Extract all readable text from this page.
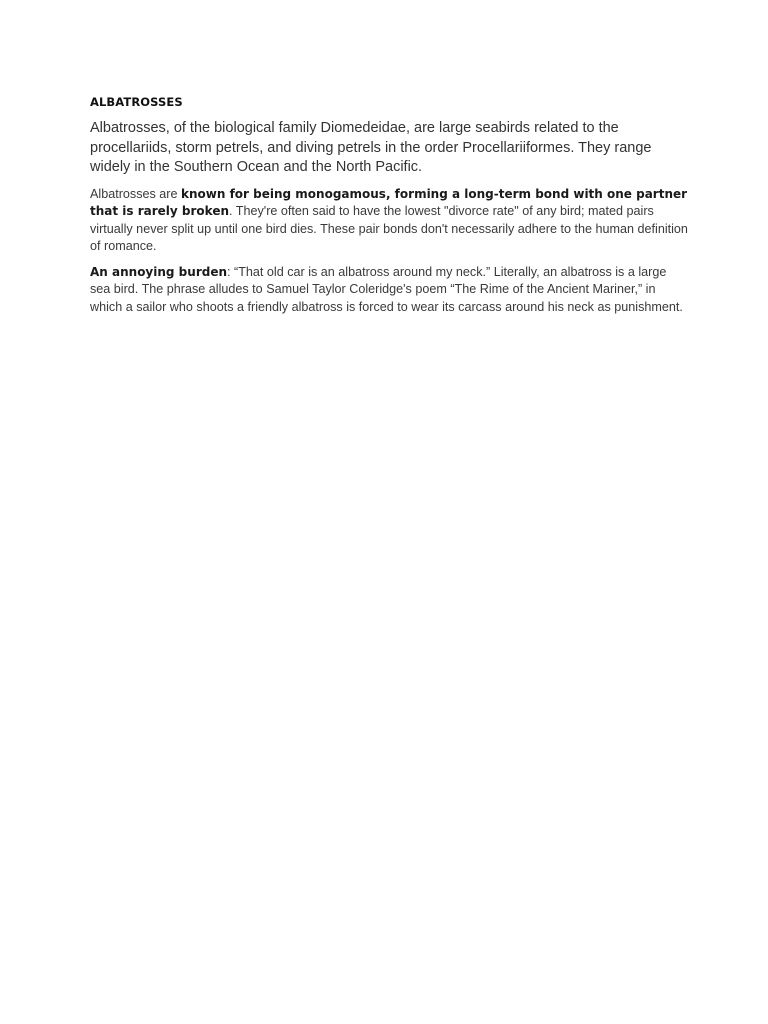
ALBATROSSES

Albatrosses, of the biological family Diomedeidae, are large seabirds related to the procellariids, storm petrels, and diving petrels in the order Procellariiformes. They range widely in the Southern Ocean and the North Pacific.

Albatrosses are known for being monogamous, forming a long-term bond with one partner that is rarely broken. They're often said to have the lowest "divorce rate" of any bird; mated pairs virtually never split up until one bird dies. These pair bonds don't necessarily adhere to the human definition of romance.

An annoying burden: “That old car is an albatross around my neck.” Literally, an albatross is a large sea bird. The phrase alludes to Samuel Taylor Coleridge's poem “The Rime of the Ancient Mariner,” in which a sailor who shoots a friendly albatross is forced to wear its carcass around his neck as punishment.
